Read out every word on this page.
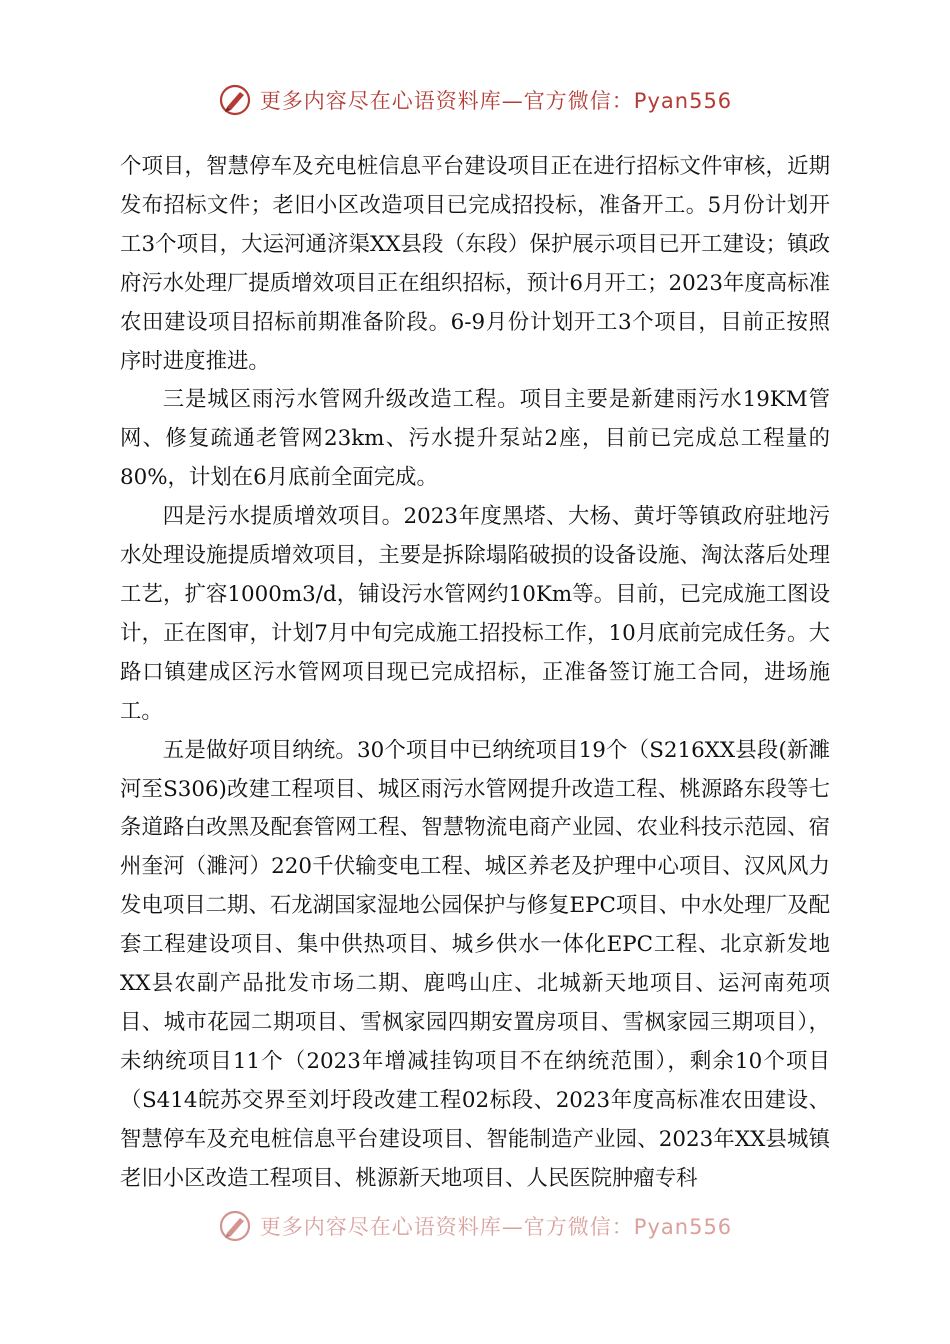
更多内容尽在心语资料库—官方微信：Pyan556

个项目，智慧停车及充电桩信息平台建设项目正在进行招标文件审核，近期发布招标文件；老旧小区改造项目已完成招投标，准备开工。5月份计划开工3个项目，大运河通济渠XX县段（东段）保护展示项目已开工建设；镇政府污水处理厂提质增效项目正在组织招标，预计6月开工；2023年度高标准农田建设项目招标前期准备阶段。6-9月份计划开工3个项目，目前正按照序时进度推进。

三是城区雨污水管网升级改造工程。项目主要是新建雨污水19KM管网、修复疏通老管网23km、污水提升泵站2座，目前已完成总工程量的80%，计划在6月底前全面完成。

四是污水提质增效项目。2023年度黑塔、大杨、黄圩等镇政府驻地污水处理设施提质增效项目，主要是拆除塌陷破损的设备设施、淘汰落后处理工艺，扩容1000m3/d，铺设污水管网约10Km等。目前，已完成施工图设计，正在图审，计划7月中旬完成施工招投标工作，10月底前完成任务。大路口镇建成区污水管网项目现已完成招标，正准备签订施工合同，进场施工。

五是做好项目纳统。30个项目中已纳统项目19个（S216XX县段(新濉河至S306)改建工程项目、城区雨污水管网提升改造工程、桃源路东段等七条道路白改黑及配套管网工程、智慧物流电商产业园、农业科技示范园、宿州奎河（濉河）220千伏输变电工程、城区养老及护理中心项目、汉风风力发电项目二期、石龙湖国家湿地公园保护与修复EPC项目、中水处理厂及配套工程建设项目、集中供热项目、城乡供水一体化EPC工程、北京新发地XX县农副产品批发市场二期、鹿鸣山庄、北城新天地项目、运河南苑项目、城市花园二期项目、雪枫家园四期安置房项目、雪枫家园三期项目），未纳统项目11个（2023年增减挂钩项目不在纳统范围），剩余10个项目（S414皖苏交界至刘圩段改建工程02标段、2023年度高标准农田建设、智慧停车及充电桩信息平台建设项目、智能制造产业园、2023年XX县城镇老旧小区改造工程项目、桃源新天地项目、人民医院肿瘤专科

更多内容尽在心语资料库—官方微信：Pyan556
